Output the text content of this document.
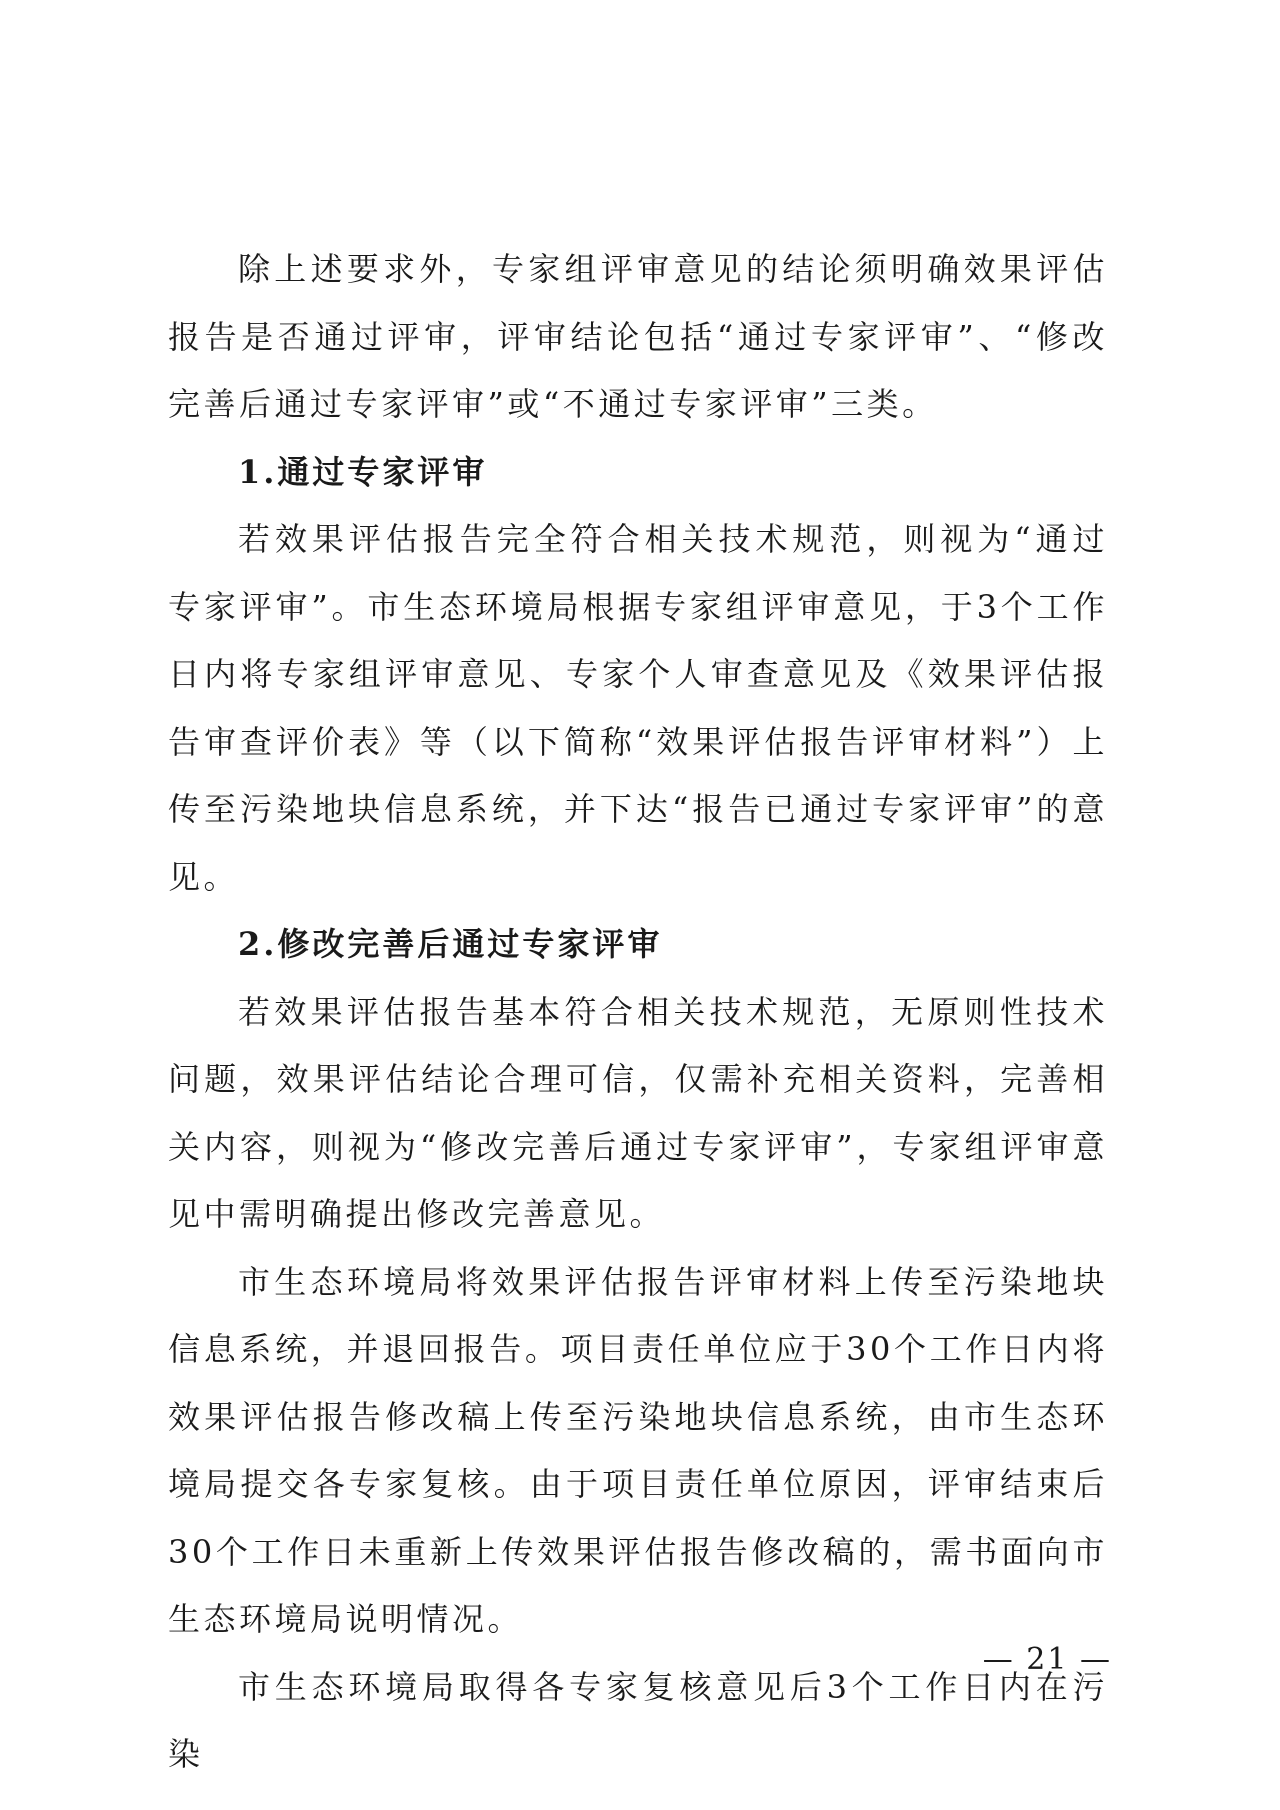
除上述要求外，专家组评审意见的结论须明确效果评估报告是否通过评审，评审结论包括“通过专家评审”、“修改完善后通过专家评审”或“不通过专家评审”三类。

1.通过专家评审

若效果评估报告完全符合相关技术规范，则视为“通过专家评审”。市生态环境局根据专家组评审意见，于3个工作日内将专家组评审意见、专家个人审查意见及《效果评估报告审查评价表》等（以下简称“效果评估报告评审材料”）上传至污染地块信息系统，并下达“报告已通过专家评审”的意见。

2.修改完善后通过专家评审

若效果评估报告基本符合相关技术规范，无原则性技术问题，效果评估结论合理可信，仅需补充相关资料，完善相关内容，则视为“修改完善后通过专家评审”，专家组评审意见中需明确提出修改完善意见。

市生态环境局将效果评估报告评审材料上传至污染地块信息系统，并退回报告。项目责任单位应于30个工作日内将效果评估报告修改稿上传至污染地块信息系统，由市生态环境局提交各专家复核。由于项目责任单位原因，评审结束后30个工作日未重新上传效果评估报告修改稿的，需书面向市生态环境局说明情况。

市生态环境局取得各专家复核意见后3个工作日内在污染

— 21 —
